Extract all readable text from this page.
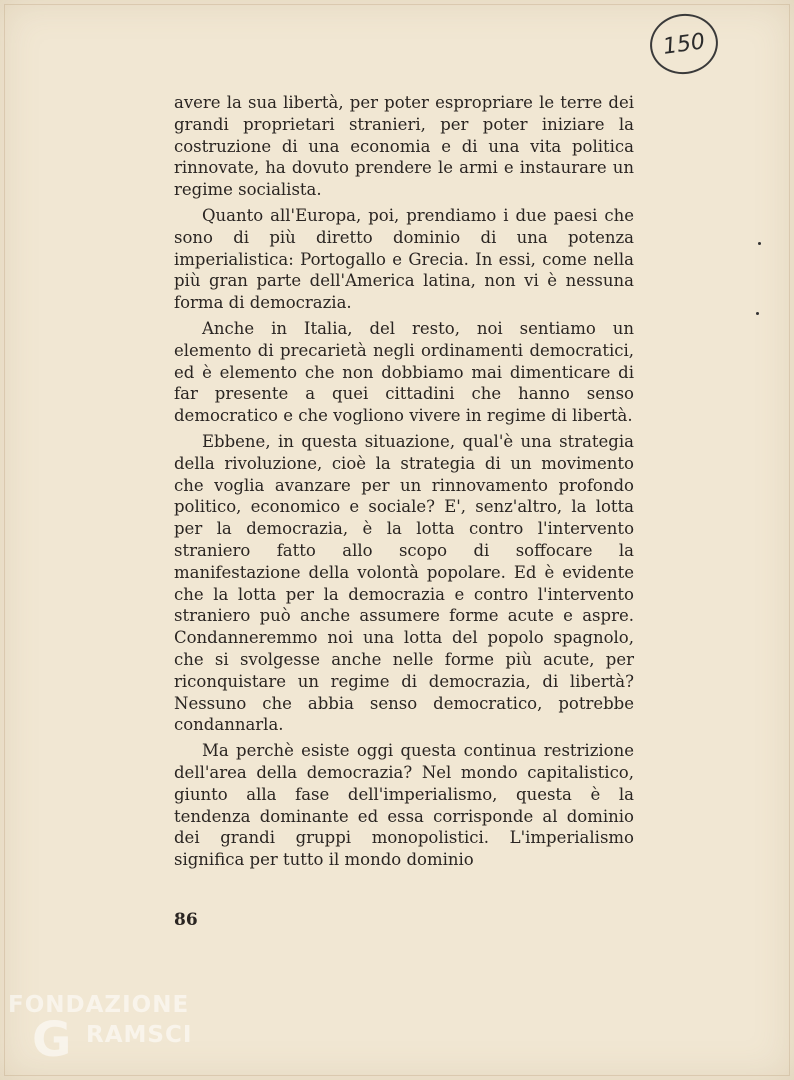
150

avere la sua libertà, per poter espropriare le terre dei grandi proprietari stranieri, per poter iniziare la costruzione di una economia e di una vita politica rinnovate, ha dovuto prendere le armi e instaurare un regime socialista.

Quanto all'Europa, poi, prendiamo i due paesi che sono di più diretto dominio di una potenza imperialistica: Portogallo e Grecia. In essi, come nella più gran parte dell'America latina, non vi è nessuna forma di democrazia.

Anche in Italia, del resto, noi sentiamo un elemento di precarietà negli ordinamenti democratici, ed è elemento che non dobbiamo mai dimenticare di far presente a quei cittadini che hanno senso democratico e che vogliono vivere in regime di libertà.

Ebbene, in questa situazione, qual'è una strategia della rivoluzione, cioè la strategia di un movimento che voglia avanzare per un rinnovamento profondo politico, economico e sociale? E', senz'altro, la lotta per la democrazia, è la lotta contro l'intervento straniero fatto allo scopo di soffocare la manifestazione della volontà popolare. Ed è evidente che la lotta per la democrazia e contro l'intervento straniero può anche assumere forme acute e aspre. Condanneremmo noi una lotta del popolo spagnolo, che si svolgesse anche nelle forme più acute, per riconquistare un regime di democrazia, di libertà? Nessuno che abbia senso democratico, potrebbe condannarla.

Ma perchè esiste oggi questa continua restrizione dell'area della democrazia? Nel mondo capitalistico, giunto alla fase dell'imperialismo, questa è la tendenza dominante ed essa corrisponde al dominio dei grandi gruppi monopolistici. L'imperialismo significa per tutto il mondo dominio

86
FONDAZIONE
G RAMSCI
